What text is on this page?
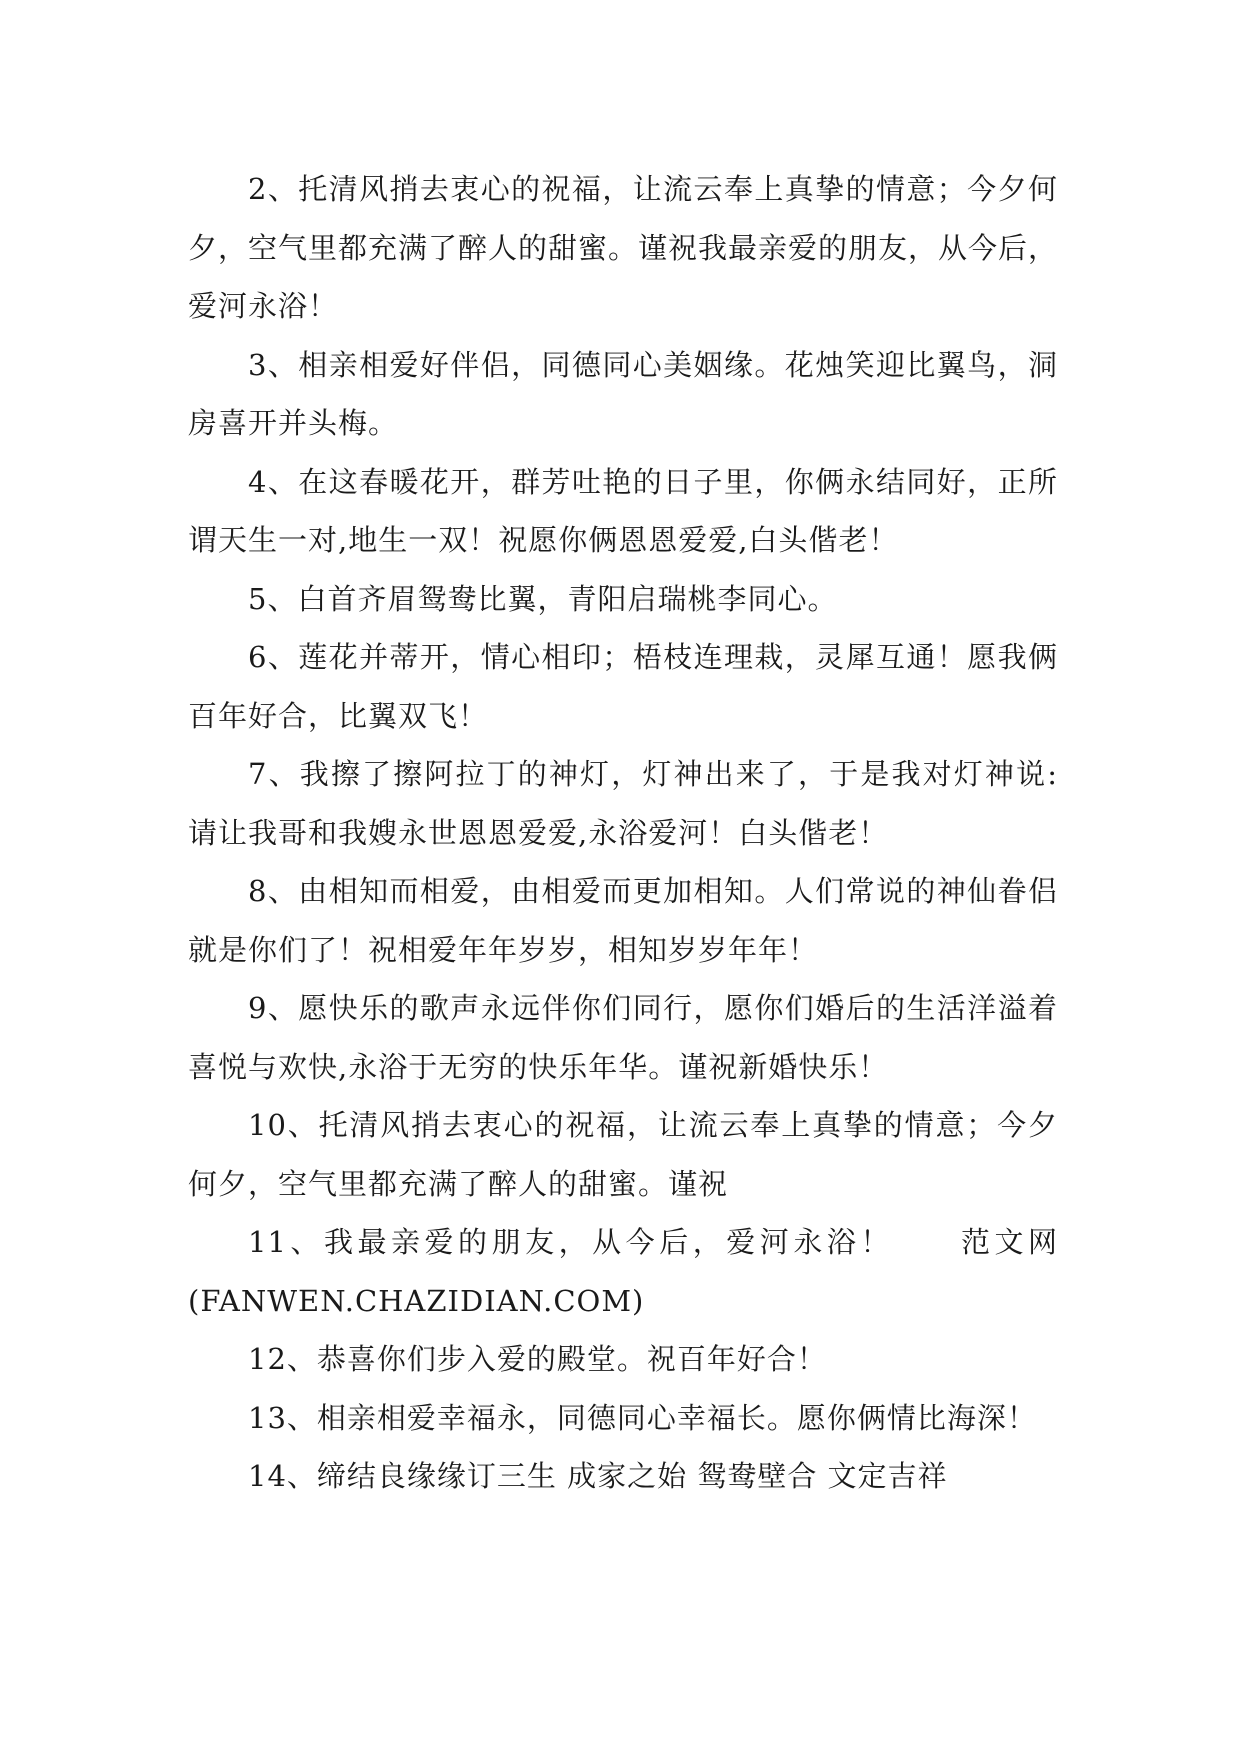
2、托清风捎去衷心的祝福，让流云奉上真挚的情意；今夕何夕，空气里都充满了醉人的甜蜜。谨祝我最亲爱的朋友，从今后，爱河永浴！

3、相亲相爱好伴侣，同德同心美姻缘。花烛笑迎比翼鸟，洞房喜开并头梅。

4、在这春暖花开，群芳吐艳的日子里，你俩永结同好，正所谓天生一对,地生一双！祝愿你俩恩恩爱爱,白头偕老！

5、白首齐眉鸳鸯比翼，青阳启瑞桃李同心。

6、莲花并蒂开，情心相印；梧枝连理栽，灵犀互通！愿我俩百年好合，比翼双飞！

7、我擦了擦阿拉丁的神灯，灯神出来了，于是我对灯神说:请让我哥和我嫂永世恩恩爱爱,永浴爱河！白头偕老！

8、由相知而相爱，由相爱而更加相知。人们常说的神仙眷侣就是你们了！祝相爱年年岁岁，相知岁岁年年！

9、愿快乐的歌声永远伴你们同行，愿你们婚后的生活洋溢着喜悦与欢快,永浴于无穷的快乐年华。谨祝新婚快乐！

10、托清风捎去衷心的祝福，让流云奉上真挚的情意；今夕何夕，空气里都充满了醉人的甜蜜。谨祝

11、我最亲爱的朋友，从今后，爱河永浴！　　范文网(FANWEN.CHAZIDIAN.COM)

12、恭喜你们步入爱的殿堂。祝百年好合！

13、相亲相爱幸福永，同德同心幸福长。愿你俩情比海深！

14、缔结良缘缘订三生 成家之始 鸳鸯壁合 文定吉祥
